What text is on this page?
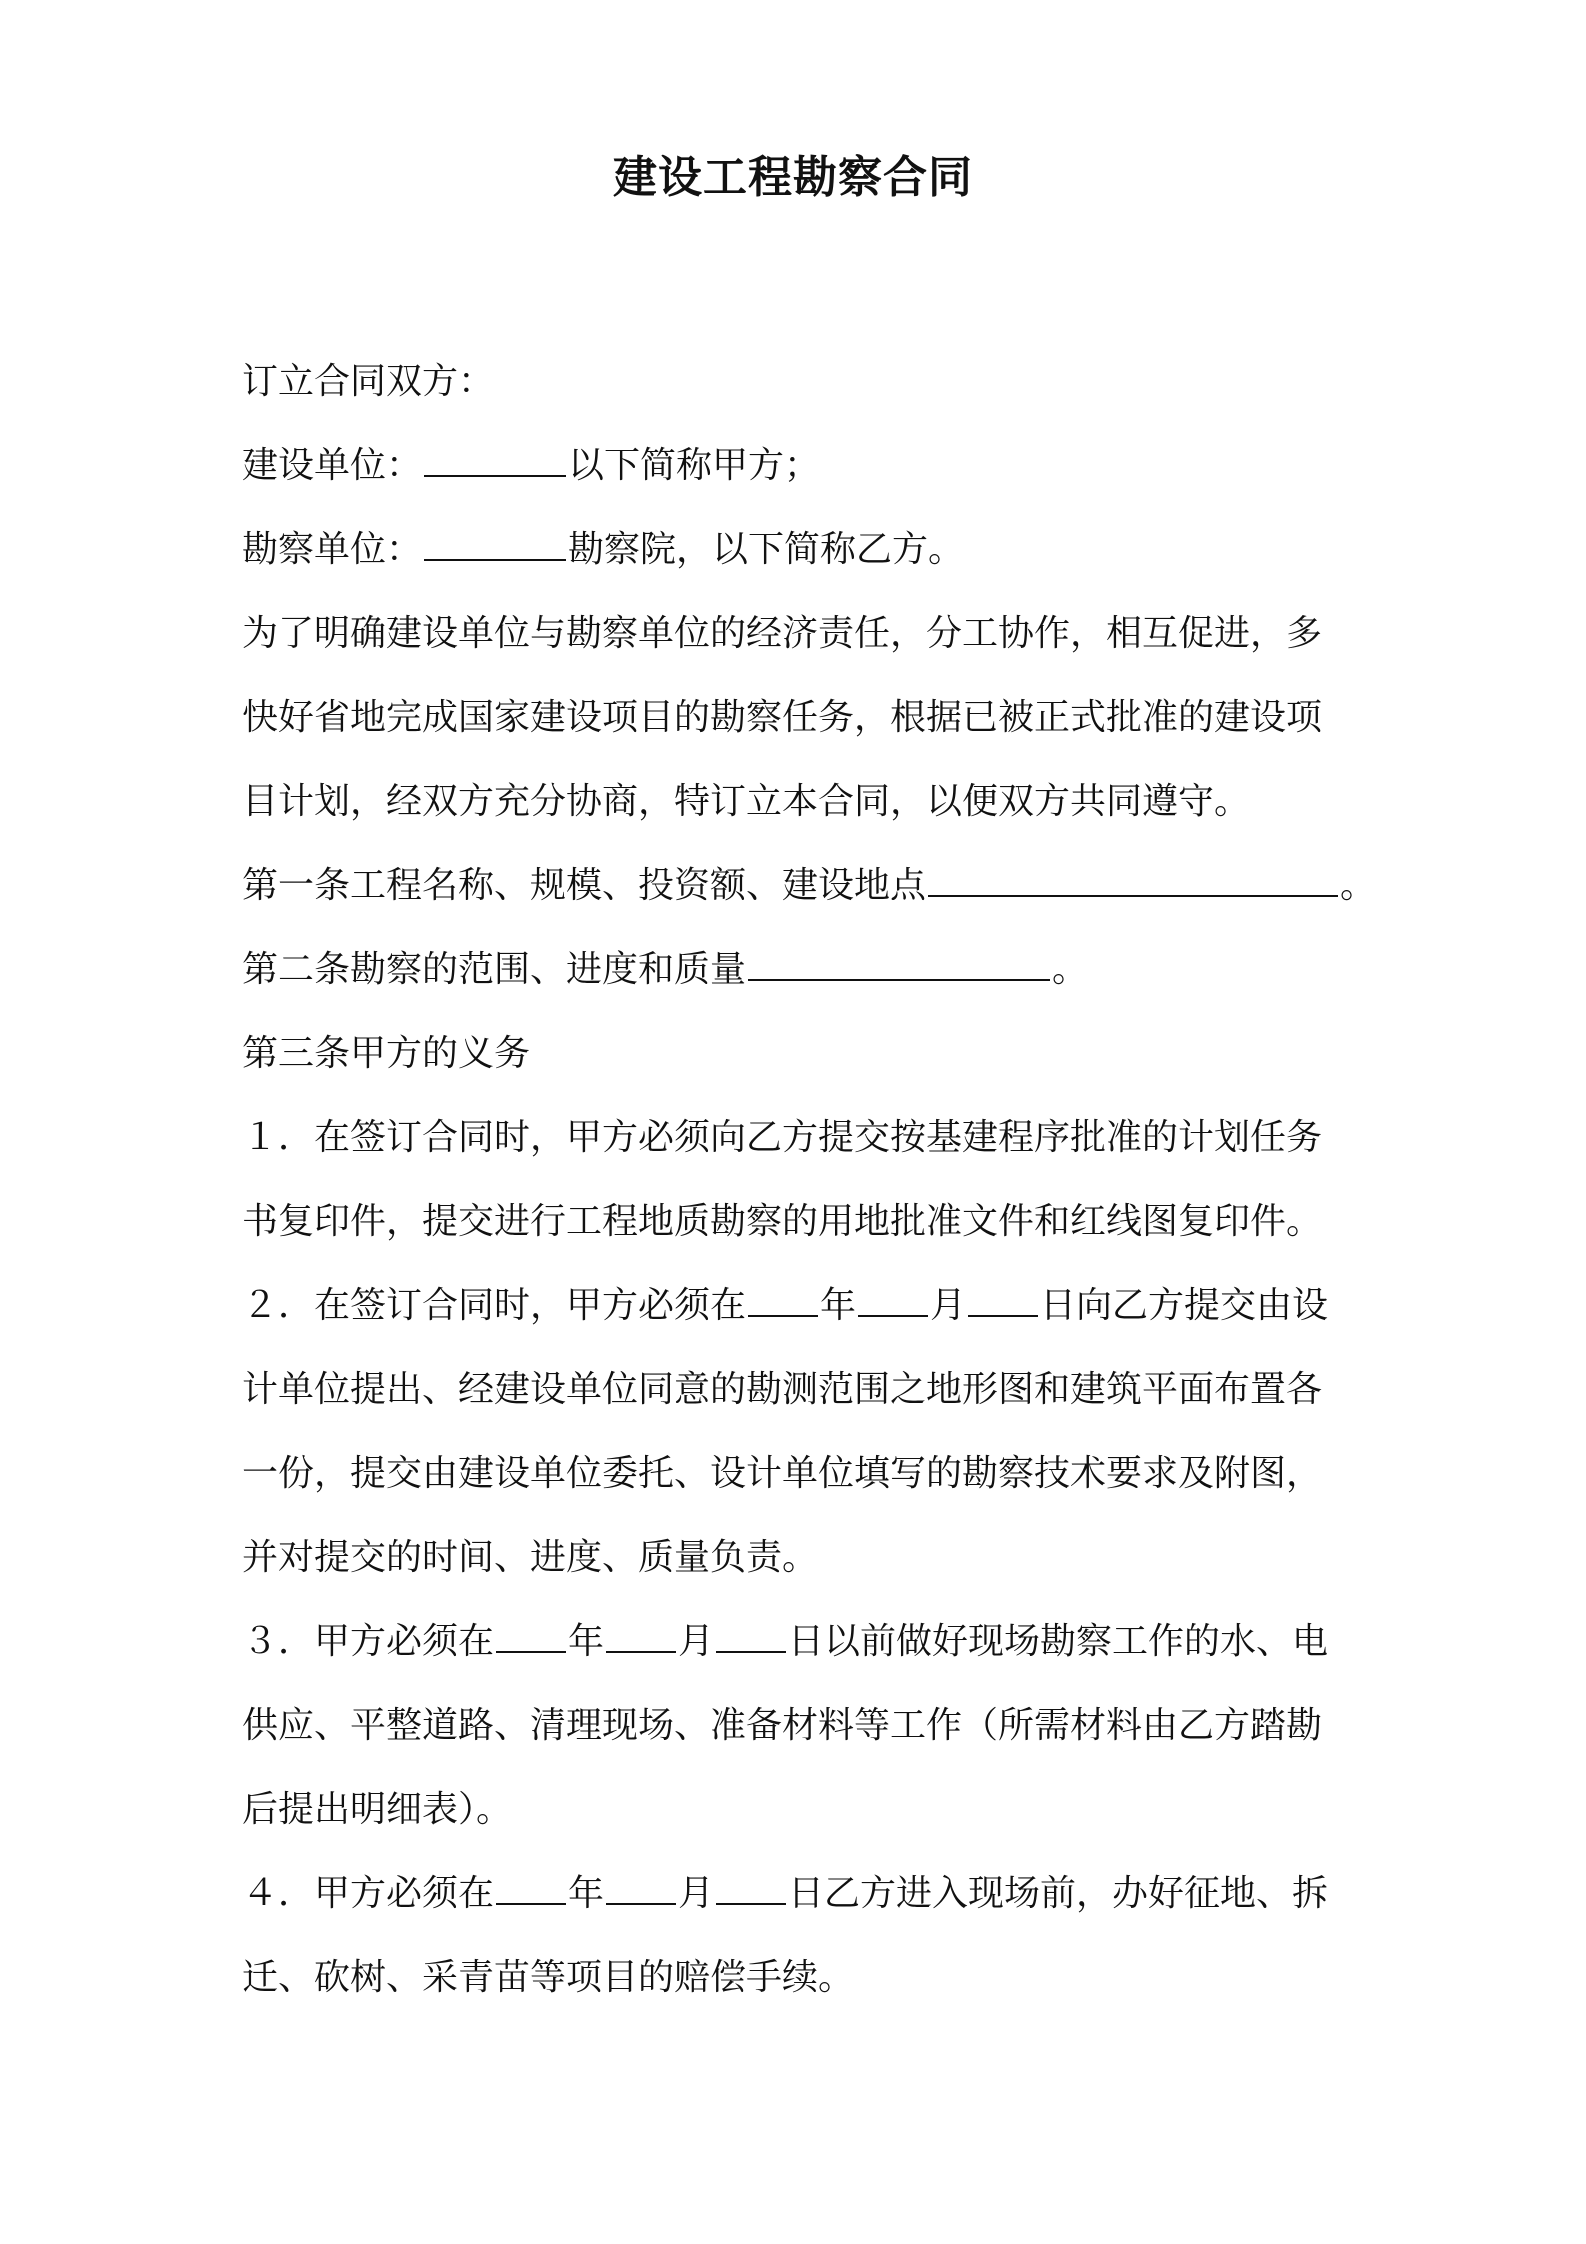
建设工程勘察合同
订立合同双方：
建设单位：	以下简称甲方；
勘察单位：	勘察院，以下简称乙方。
为了明确建设单位与勘察单位的经济责任，分工协作，相互促进，多
快好省地完成国家建设项目的勘察任务，根据已被正式批准的建设项
目计划，经双方充分协商，特订立本合同，以便双方共同遵守。
第一条工程名称、规模、投资额、建设地点	。
第二条勘察的范围、进度和质量	。
第三条甲方的义务
１．在签订合同时，甲方必须向乙方提交按基建程序批准的计划任务
书复印件，提交进行工程地质勘察的用地批准文件和红线图复印件。
２．在签订合同时，甲方必须在 年 月 日向乙方提交由设
计单位提出、经建设单位同意的勘测范围之地形图和建筑平面布置各
一份，提交由建设单位委托、设计单位填写的勘察技术要求及附图，
并对提交的时间、进度、质量负责。
３．甲方必须在 年 月 日以前做好现场勘察工作的水、电
供应、平整道路、清理现场、准备材料等工作（所需材料由乙方踏勘
后提出明细表）。
４．甲方必须在 年 月 日乙方进入现场前，办好征地、拆
迁、砍树、采青苗等项目的赔偿手续。
